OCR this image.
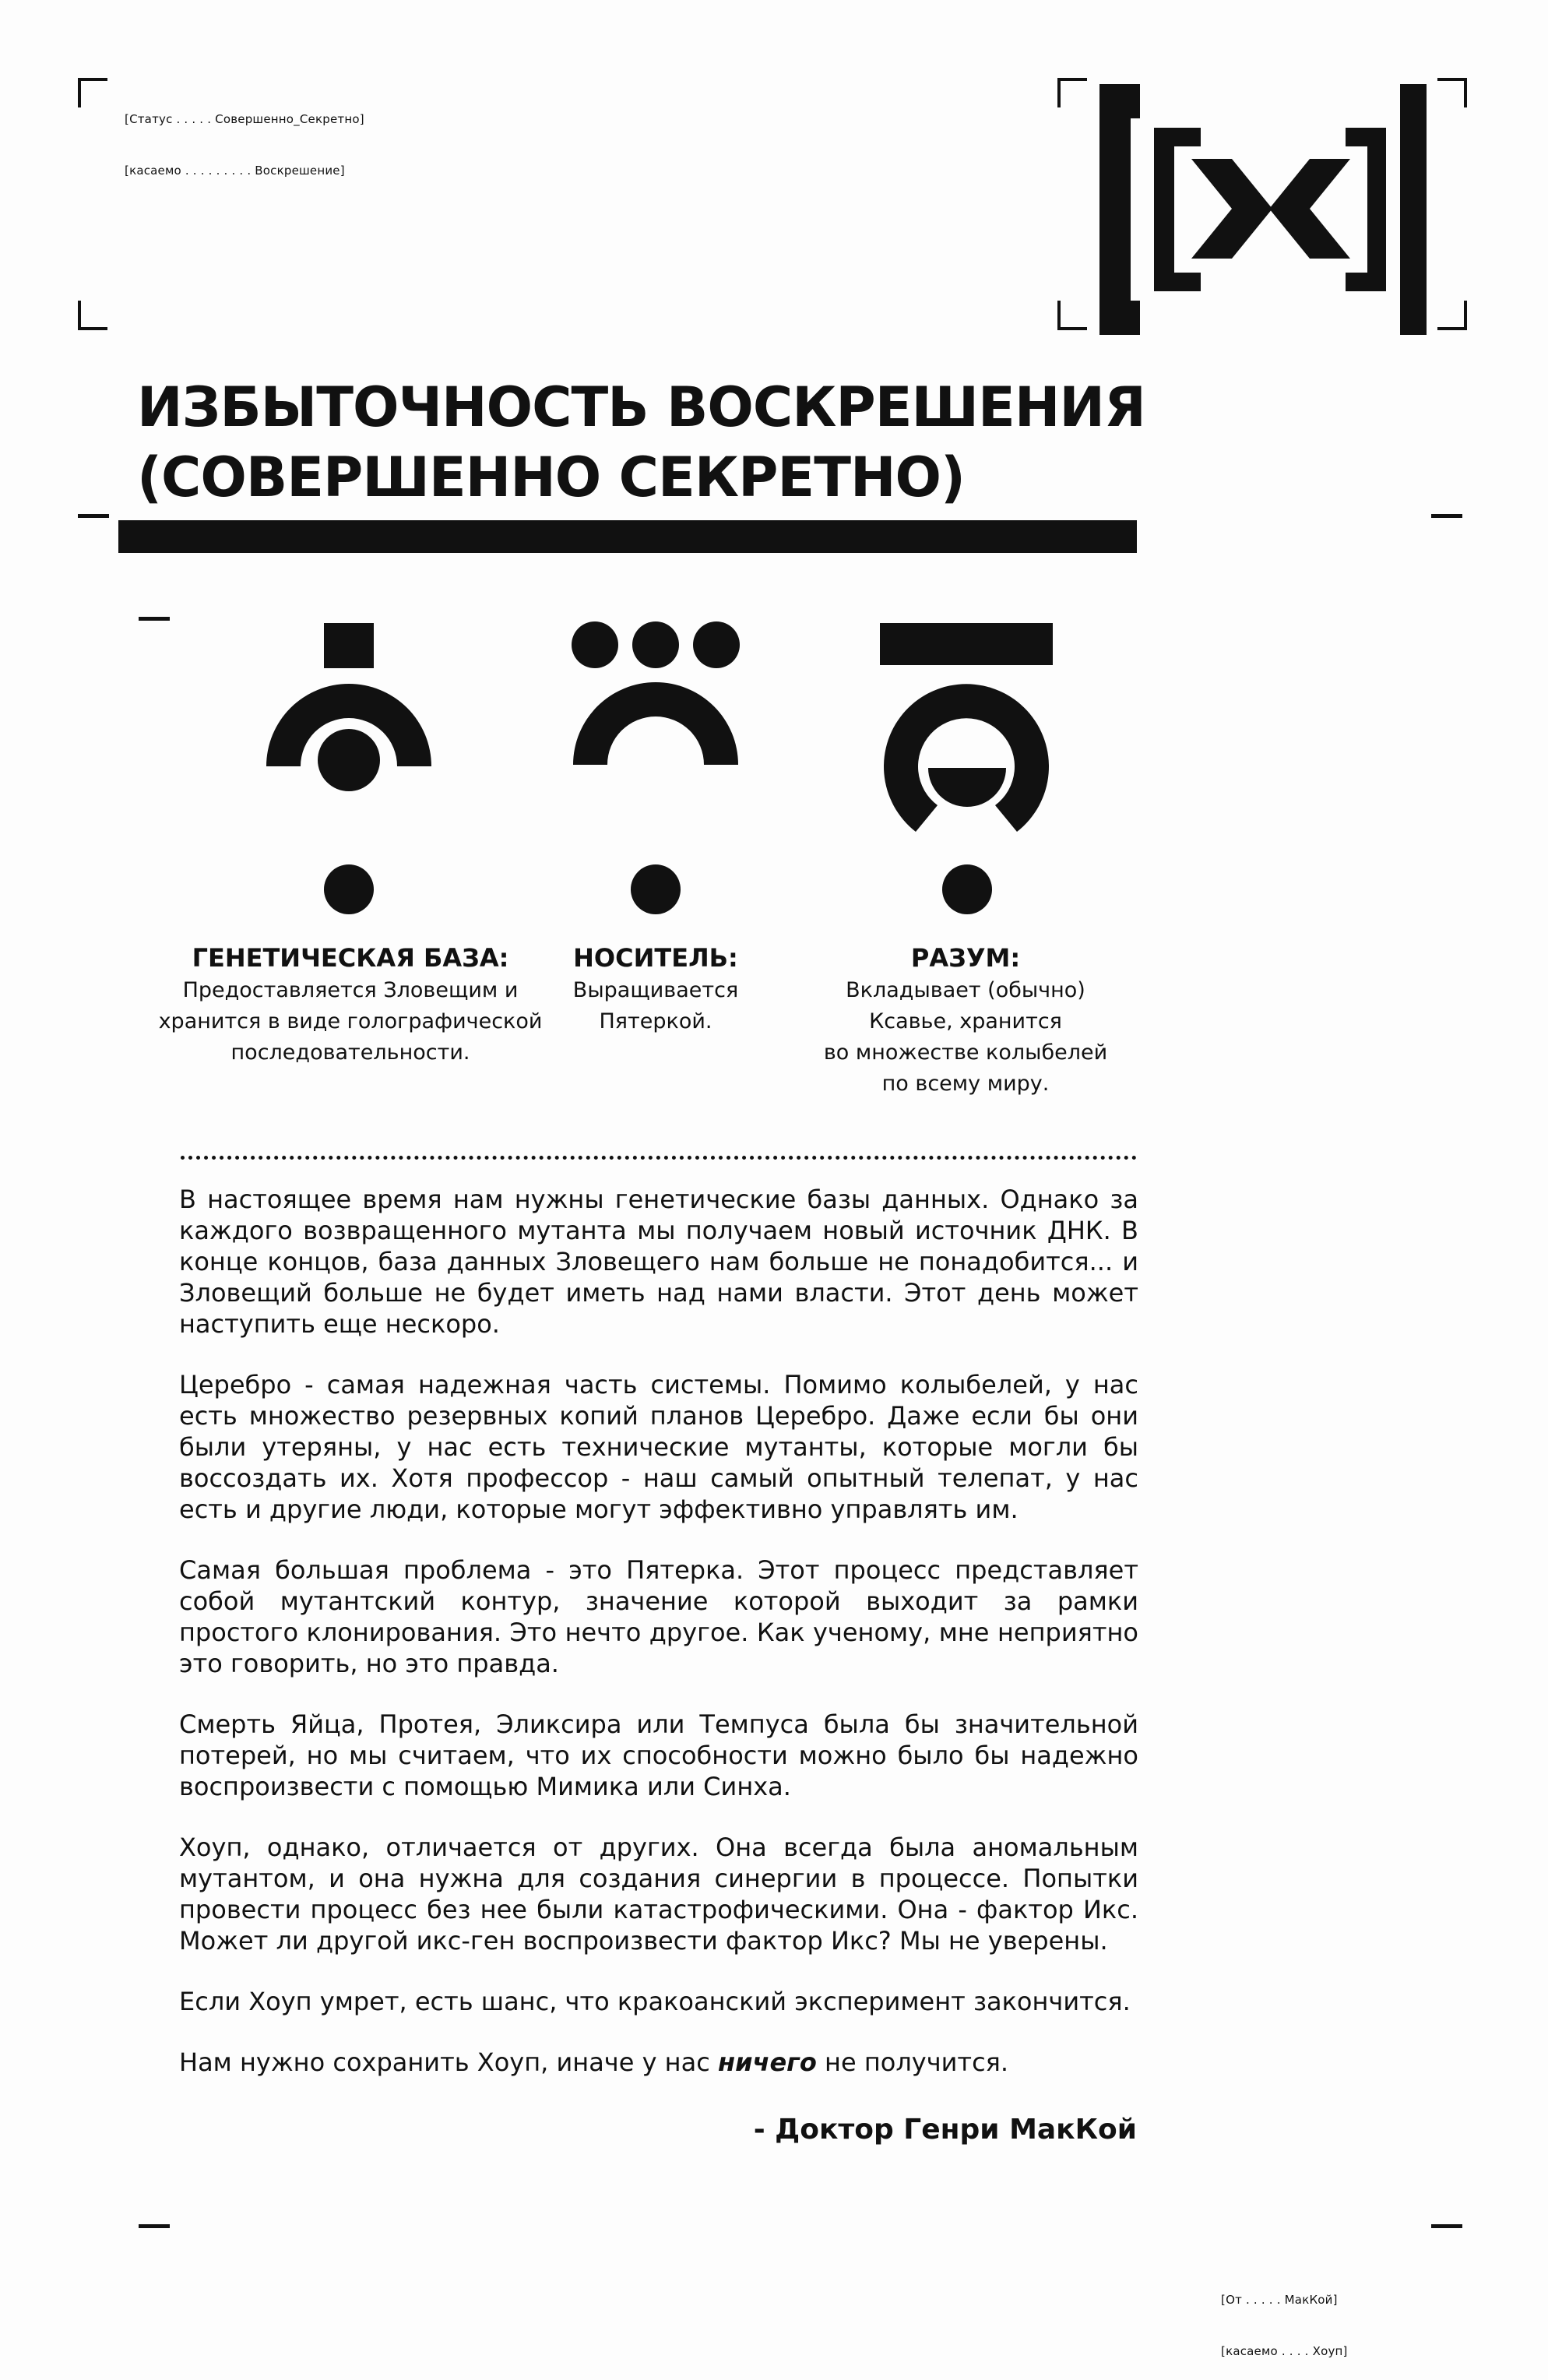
[ Статус . . . . . Совершенно_Секретно ]

[ касаемо . . . . . . . . . Воскрешение ]

ИЗБЫТОЧНОСТЬ ВОСКРЕШЕНИЯ
(СОВЕРШЕННО СЕКРЕТНО)
ГЕНЕТИЧЕСКАЯ БАЗА:
Предоставляется Зловещим и
хранится в виде голографической
последовательности.
НОСИТЕЛЬ:
Выращивается
Пятеркой.
РАЗУМ:
Вкладывает (обычно)
Ксавье, хранится
во множестве колыбелей
по всему миру.

В настоящее время нам нужны генетические базы данных. Однако за каждого возвращенного мутанта мы получаем новый источник ДНК. В конце концов, база данных Зловещего нам больше не понадобится... и Зловещий больше не будет иметь над нами власти. Этот день может наступить еще нескоро.

Церебро - самая надежная часть системы. Помимо колыбелей, у нас есть множество резервных копий планов Церебро. Даже если бы они были утеряны, у нас есть технические мутанты, которые могли бы воссоздать их. Хотя профессор - наш самый опытный телепат, у нас есть и другие люди, которые могут эффективно управлять им.

Самая большая проблема - это Пятерка. Этот процесс представляет собой мутантский контур, значение которой выходит за рамки простого клонирования. Это нечто другое. Как ученому, мне неприятно это говорить, но это правда.

Смерть Яйца, Протея, Эликсира или Темпуса была бы значительной потерей, но мы считаем, что их способности можно было бы надежно воспроизвести с помощью Мимика или Синха.

Хоуп, однако, отличается от других. Она всегда была аномальным мутантом, и она нужна для создания синергии в процессе. Попытки провести процесс без нее были катастрофическими. Она - фактор Икс. Может ли другой икс-ген воспроизвести фактор Икс? Мы не уверены.

Если Хоуп умрет, есть шанс, что кракоанский эксперимент закончится.

Нам нужно сохранить Хоуп, иначе у нас ничего не получится.

- Доктор Генри МакКой

[ От . . . . . МакКой ]

[ касаемо . . . . Хоуп ]
